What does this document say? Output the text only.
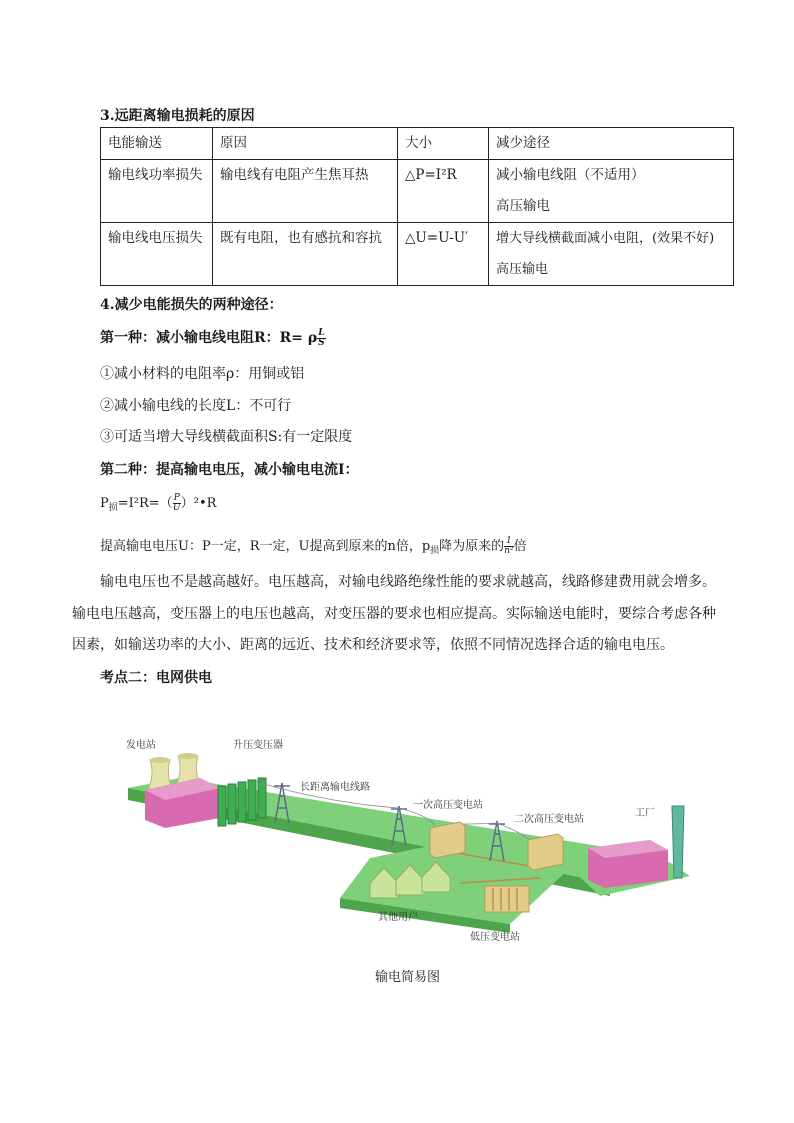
3.远距离输电损耗的原因
电能输送	原因	大小	减少途径
输电线功率损失	输电线有电阻产生焦耳热	△P=I²R	减小输电线阻（不适用）
高压输电

输电线电压损失	既有电阻，也有感抗和容抗	△U=U-U′	增大导线横截面减小电阻，(效果不好)
高压输电
4.减少电能损失的两种途径：
第一种：减小输电线电阻R：R= ρ $\frac{L}{S}$
①减小材料的电阻率ρ：用铜或铝
②减小输电线的长度L：不可行
③可适当增大导线横截面积S:有一定限度
第二种：提高输电电压，减小输电电流I：
$P_损=I^2R=( \frac{P}{U}$ ）²•R
提高输电电压U：P一定，R一定，U提高到原来的n倍，$p_损$降为原来的 $\frac{1}{\text{n²}}$ 倍
输电电压也不是越高越好。电压越高，对输电线路绝缘性能的要求就越高，线路修建费用就会增多。
输电电压越高，变压器上的电压也越高，对变压器的要求也相应提高。实际输送电能时，要综合考虑各种
因素，如输送功率的大小、距离的远近、技术和经济要求等，依照不同情况选择合适的输电电压。
考点二：电网供电
发电站	升压变压器
长距离输电线路
一次高压变电站
二次高压变电站
工厂
其他用户
低压变电站
输电简易图
